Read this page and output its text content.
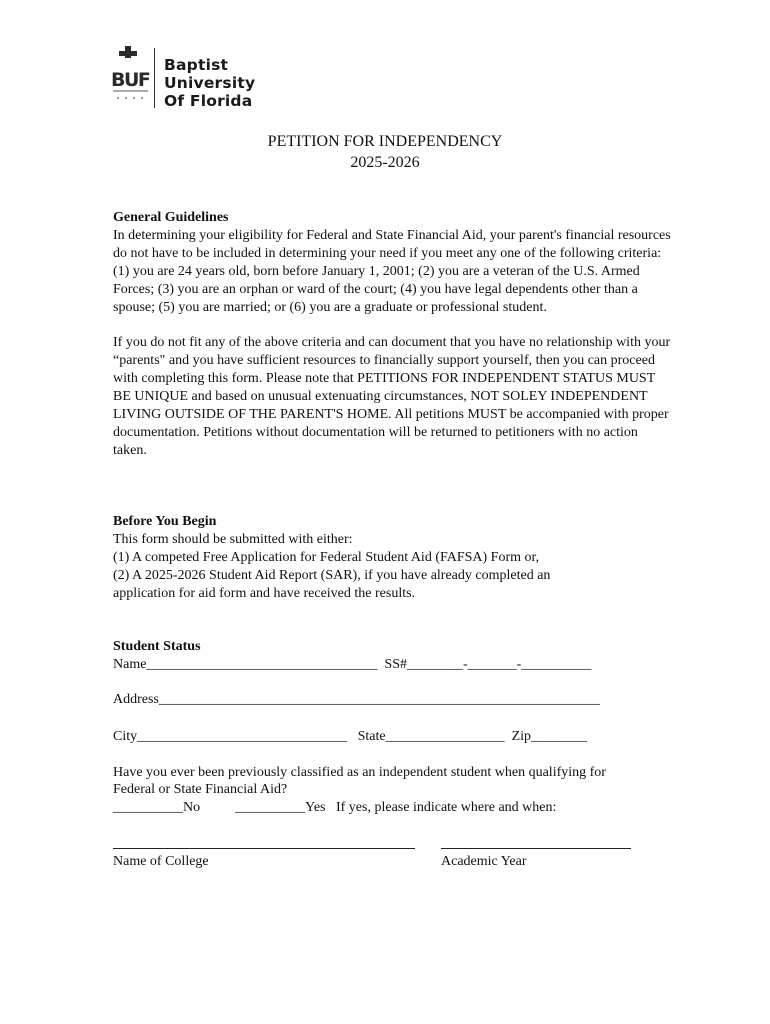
BUF
Baptist University
Of Florida
PETITION FOR INDEPENDENCY
2025-2026

General Guidelines

In determining your eligibility for Federal and State Financial Aid, your parent's financial resources do not have to be included in determining your need if you meet any one of the following criteria: (1) you are 24 years old, born before January 1, 2001; (2) you are a veteran of the U.S. Armed Forces; (3) you are an orphan or ward of the court; (4) you have legal dependents other than a spouse; (5) you are married; or (6) you are a graduate or professional student.

If you do not fit any of the above criteria and can document that you have no relationship with your “parents" and you have sufficient resources to financially support yourself, then you can proceed with completing this form. Please note that PETITIONS FOR INDEPENDENT STATUS MUST BE UNIQUE and based on unusual extenuating circumstances, NOT SOLEY INDEPENDENT LIVING OUTSIDE OF THE PARENT'S HOME. All petitions MUST be accompanied with proper documentation. Petitions without documentation will be returned to petitioners with no action taken.

Before You Begin

This form should be submitted with either:

(1) A competed Free Application for Federal Student Aid (FAFSA) Form or,

(2) A 2025-2026 Student Aid Report (SAR), if you have already completed an

application for aid form and have received the results.

Student Status
Name_________________________________  SS#________-_______-__________
Address_______________________________________________________________
City______________________________   State_________________  Zip________
Have you ever been previously classified as an independent student when qualifying for
Federal or State Financial Aid?
__________No          __________Yes   If yes, please indicate where and when:
Name of College	Academic Year
